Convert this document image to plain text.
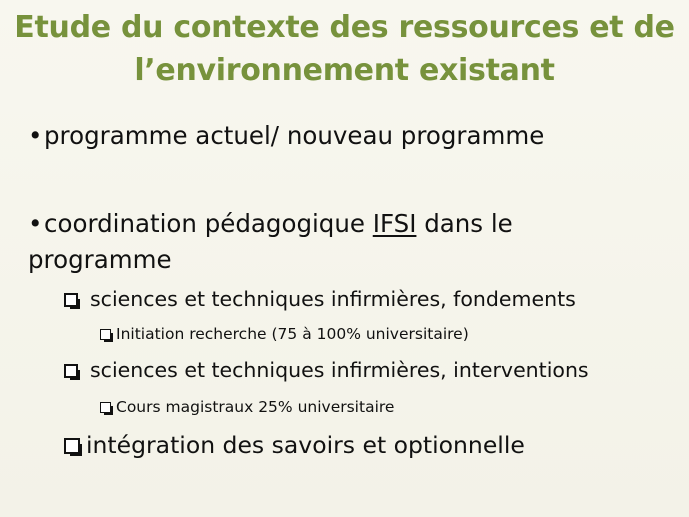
Etude du contexte des ressources et de
l’environnement existant
•programme actuel/ nouveau programme
•coordination pédagogique IFSI dans le
programme
sciences et techniques infirmières, fondements
Initiation recherche (75 à 100% universitaire)
sciences et techniques infirmières, interventions
Cours magistraux 25% universitaire
intégration des savoirs et optionnelle
